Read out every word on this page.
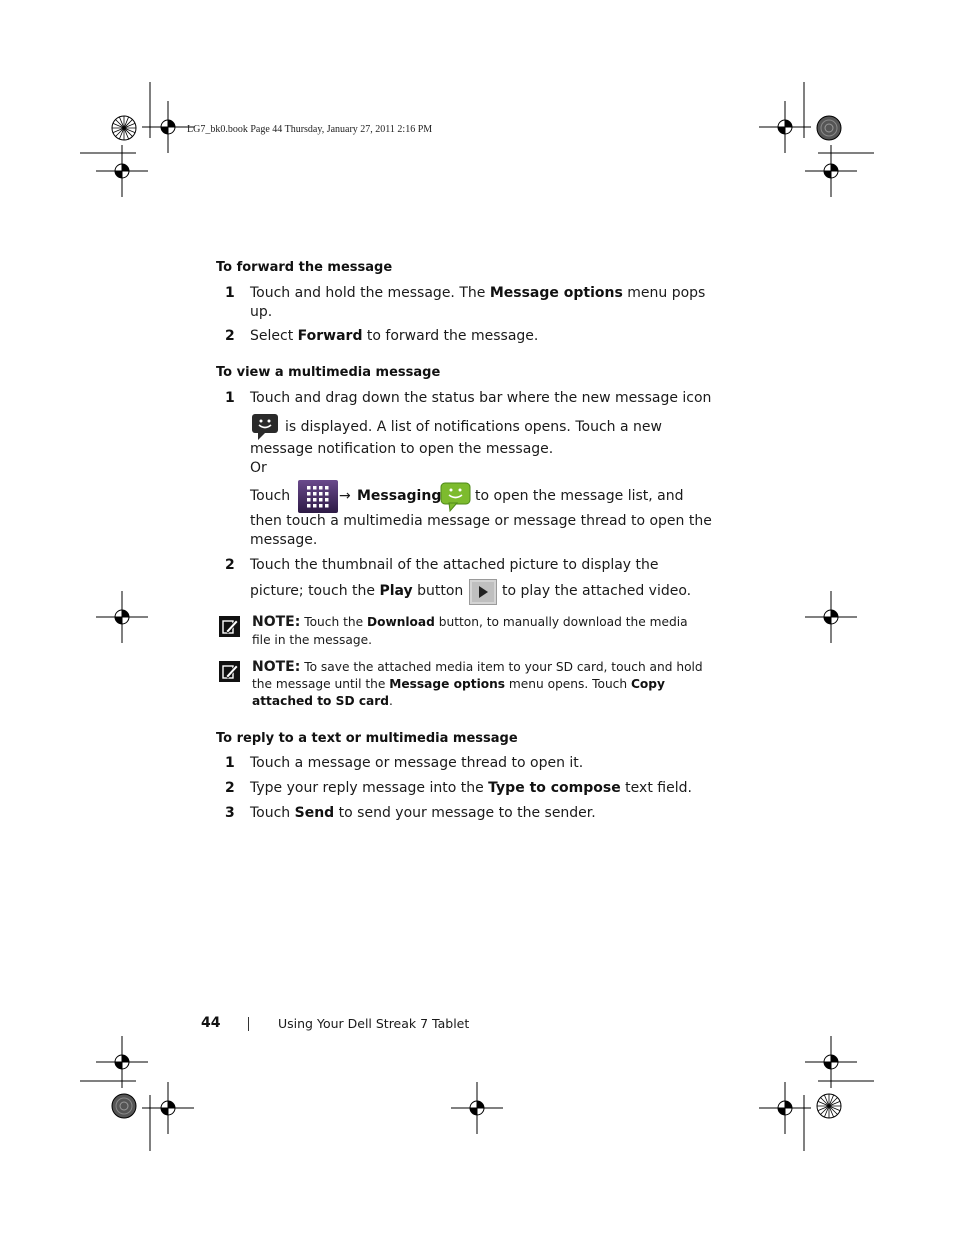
LG7_bk0.book Page 44 Thursday, January 27, 2011 2:16 PM

To forward the message

1 Touch and hold the message. The Message options menu pops

up.

2 Select Forward to forward the message.

To view a multimedia message

1 Touch and drag down the status bar where the new message icon

is displayed. A list of notifications opens. Touch a new

message notification to open the message.

Or

Touch	→ Messaging to open the message list, and

then touch a multimedia message or message thread to open the

message.

2 Touch the thumbnail of the attached picture to display the

picture; touch the Play button	to play the attached video.

NOTE: Touch the Download button, to manually download the media

file in the message.

NOTE: To save the attached media item to your SD card, touch and hold

the message until the Message options menu opens. Touch Copy

attached to SD card.

To reply to a text or multimedia message

1 Touch a message or message thread to open it.

2 Type your reply message into the Type to compose text field.

3 Touch Send to send your message to the sender.

44	Using Your Dell Streak 7 Tablet
